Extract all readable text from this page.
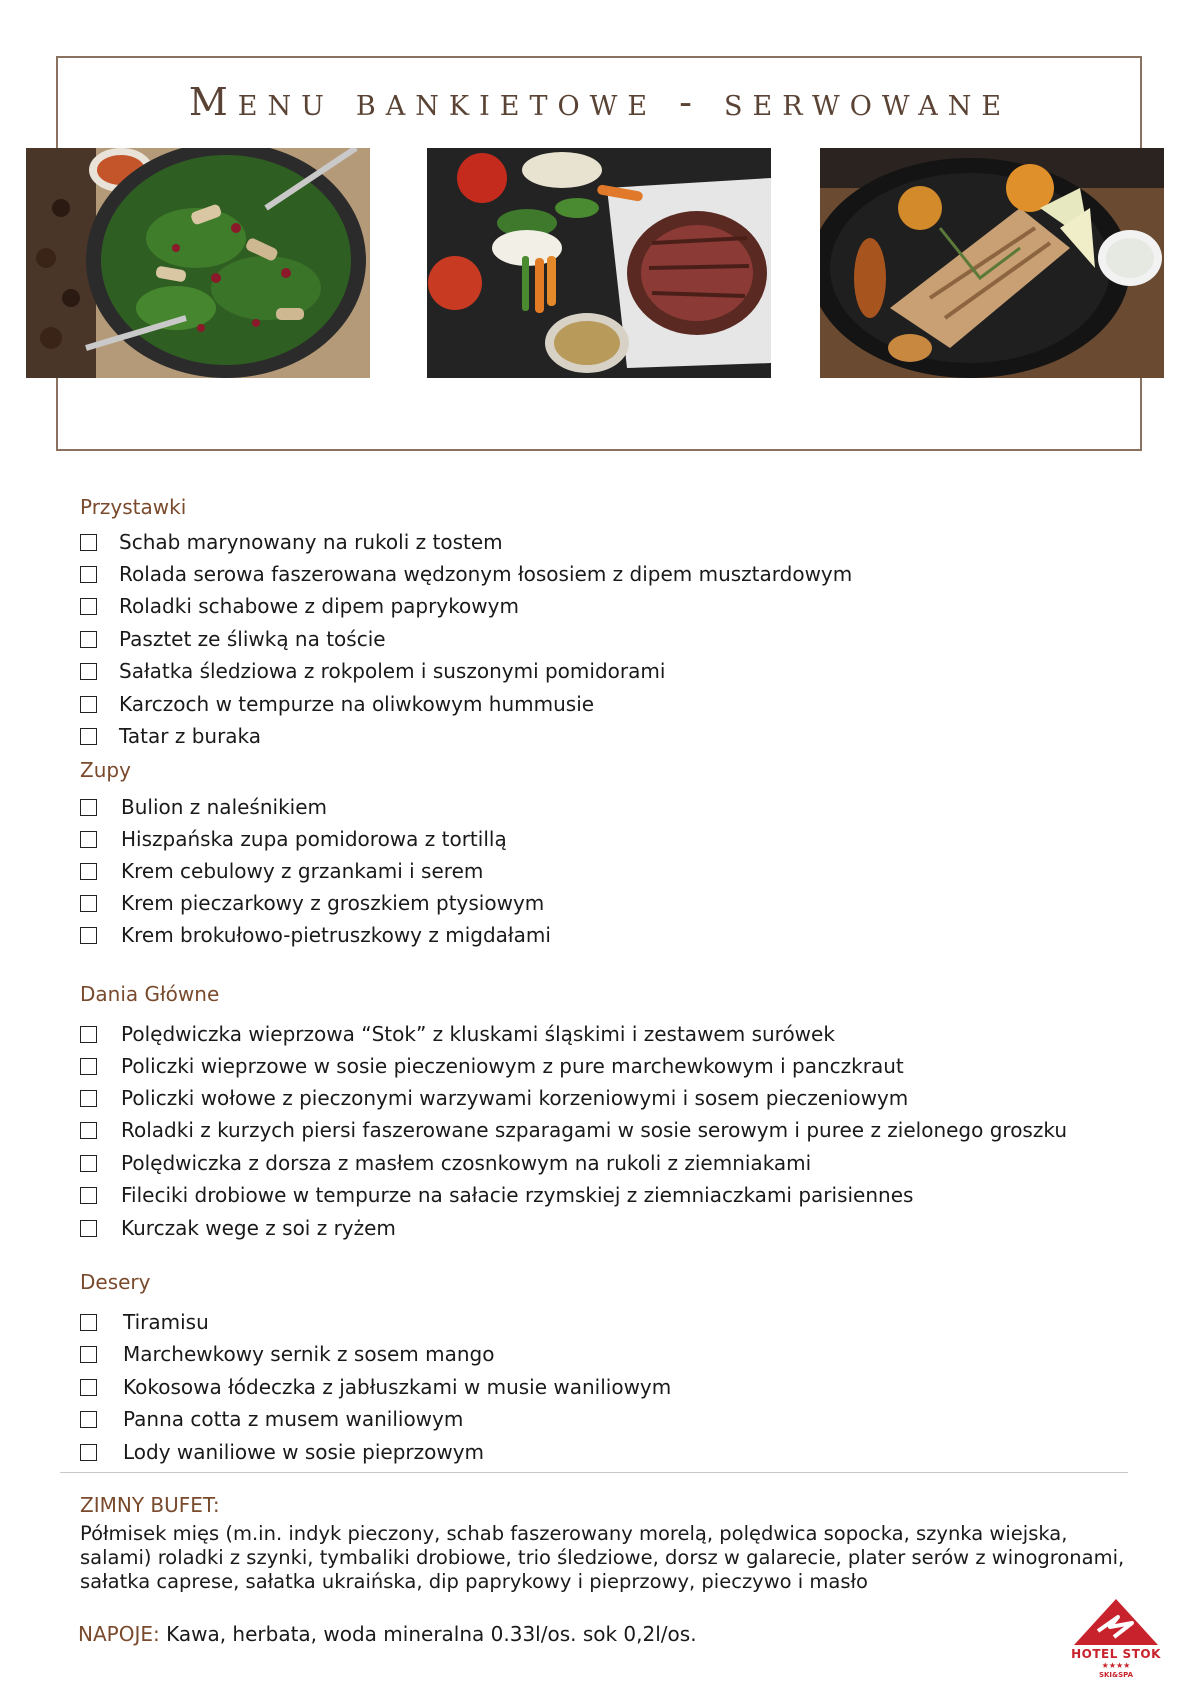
Menu bankietowe - serwowane
Przystawki
Zupy
Dania Główne
Desery
Schab marynowany na rukoli z tostem
Rolada serowa faszerowana wędzonym łososiem z dipem musztardowym
Roladki schabowe z dipem paprykowym
Pasztet ze śliwką na toście
Sałatka śledziowa z rokpolem i suszonymi pomidorami
Karczoch w tempurze na oliwkowym hummusie
Tatar z buraka
Bulion z naleśnikiem
Hiszpańska zupa pomidorowa z tortillą
Krem cebulowy z grzankami i serem
Krem pieczarkowy z groszkiem ptysiowym
Krem brokułowo-pietruszkowy z migdałami
Polędwiczka wieprzowa “Stok” z kluskami śląskimi i zestawem surówek
Policzki wieprzowe w sosie pieczeniowym z pure marchewkowym i panczkraut
Policzki wołowe z pieczonymi warzywami korzeniowymi i sosem pieczeniowym
Roladki z kurzych piersi faszerowane szparagami w sosie serowym i puree z zielonego groszku
Polędwiczka z dorsza z masłem czosnkowym na rukoli z ziemniakami
Fileciki drobiowe w tempurze na sałacie rzymskiej z ziemniaczkami parisiennes
Kurczak wege z soi z ryżem
Tiramisu
Marchewkowy sernik z sosem mango
Kokosowa łódeczka z jabłuszkami w musie waniliowym
Panna cotta z musem waniliowym
Lody waniliowe w sosie pieprzowym
ZIMNY BUFET:
Półmisek mięs (m.in. indyk pieczony, schab faszerowany morelą, polędwica sopocka, szynka wiejska, salami) roladki z szynki, tymbaliki drobiowe, trio śledziowe, dorsz w galarecie, plater serów z winogronami, sałatka caprese, sałatka ukraińska, dip paprykowy i pieprzowy, pieczywo i masło
NAPOJE: Kawa, herbata, woda mineralna 0.33l/os. sok 0,2l/os.
HOTEL STOK
★★★★
SKI&SPA
